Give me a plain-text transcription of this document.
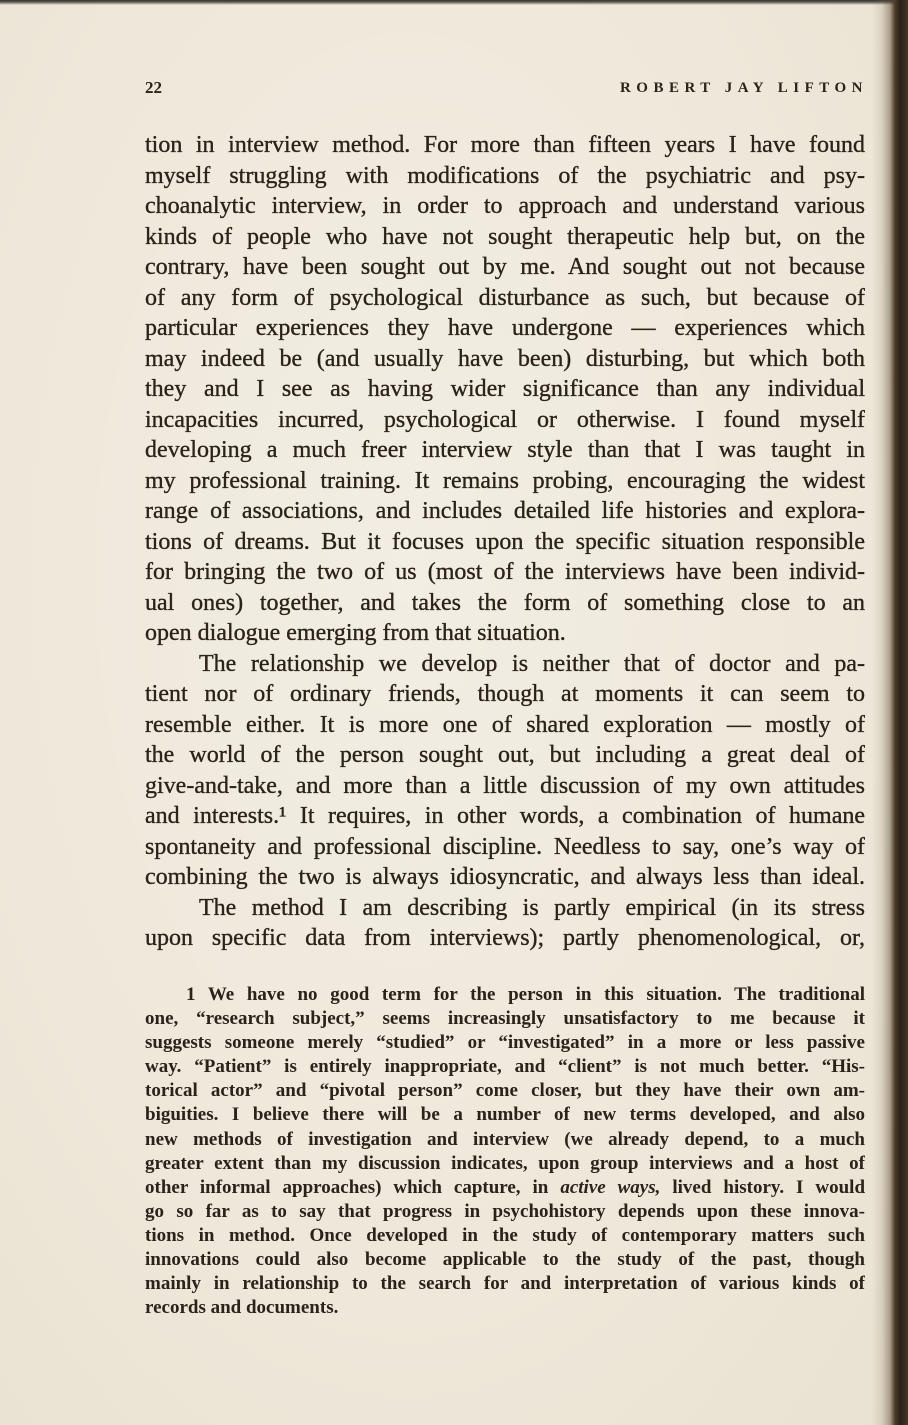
22	ROBERT JAY LIFTON
tion in interview method. For more than fifteen years I have found
myself struggling with modifications of the psychiatric and psy-
choanalytic interview, in order to approach and understand various
kinds of people who have not sought therapeutic help but, on the
contrary, have been sought out by me. And sought out not because
of any form of psychological disturbance as such, but because of
particular experiences they have undergone — experiences which
may indeed be (and usually have been) disturbing, but which both
they and I see as having wider significance than any individual
incapacities incurred, psychological or otherwise. I found myself
developing a much freer interview style than that I was taught in
my professional training. It remains probing, encouraging the widest
range of associations, and includes detailed life histories and explora-
tions of dreams. But it focuses upon the specific situation responsible
for bringing the two of us (most of the interviews have been individ-
ual ones) together, and takes the form of something close to an
open dialogue emerging from that situation.
The relationship we develop is neither that of doctor and pa-
tient nor of ordinary friends, though at moments it can seem to
resemble either. It is more one of shared exploration — mostly of
the world of the person sought out, but including a great deal of
give-and-take, and more than a little discussion of my own attitudes
and interests.¹ It requires, in other words, a combination of humane
spontaneity and professional discipline. Needless to say, one’s way of
combining the two is always idiosyncratic, and always less than ideal.
The method I am describing is partly empirical (in its stress
upon specific data from interviews); partly phenomenological, or,
1 We have no good term for the person in this situation. The traditional
one, “research subject,” seems increasingly unsatisfactory to me because it
suggests someone merely “studied” or “investigated” in a more or less passive
way. “Patient” is entirely inappropriate, and “client” is not much better. “His-
torical actor” and “pivotal person” come closer, but they have their own am-
biguities. I believe there will be a number of new terms developed, and also
new methods of investigation and interview (we already depend, to a much
greater extent than my discussion indicates, upon group interviews and a host of
other informal approaches) which capture, in active ways, lived history. I would
go so far as to say that progress in psychohistory depends upon these innova-
tions in method. Once developed in the study of contemporary matters such
innovations could also become applicable to the study of the past, though
mainly in relationship to the search for and interpretation of various kinds of
records and documents.
